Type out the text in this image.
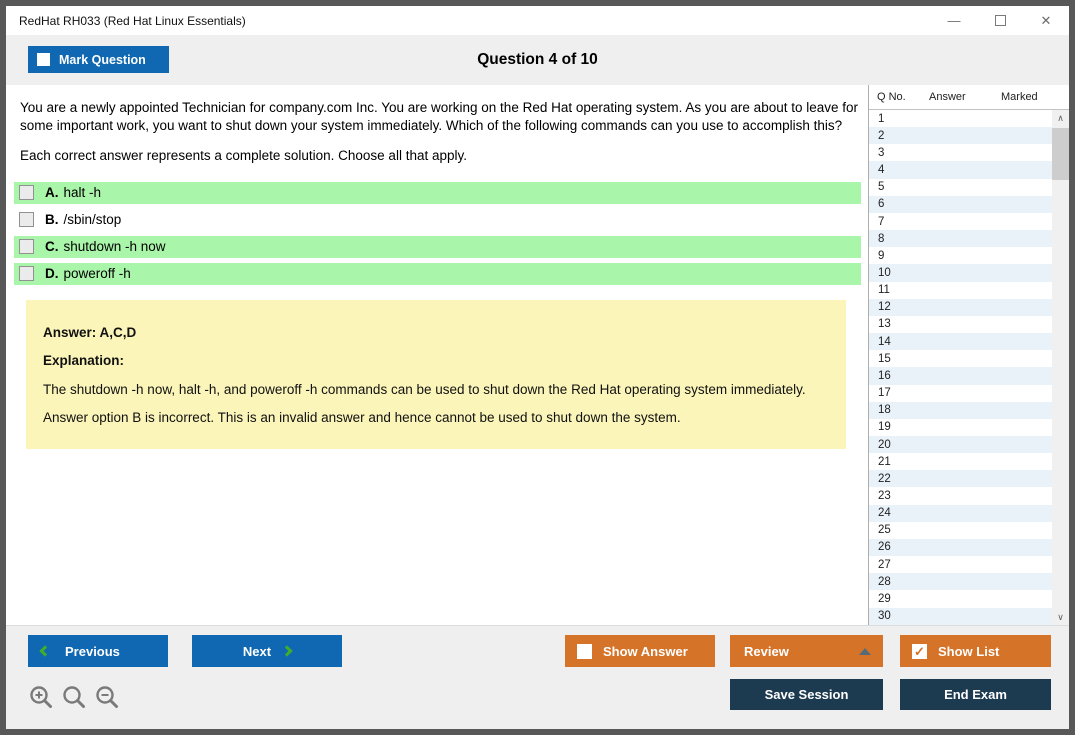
RedHat RH033 (Red Hat Linux Essentials)	—	✕
Question 4 of 10
Mark Question
You are a newly appointed Technician for company.com Inc. You are working on the Red Hat operating system. As you are about to leave for some important work, you want to shut down your system immediately. Which of the following commands can you use to accomplish this?
Each correct answer represents a complete solution. Choose all that apply.
A. halt -h
B. /sbin/stop
C. shutdown -h now
D. poweroff -h

Answer: A,C,D

Explanation:

The shutdown -h now, halt -h, and poweroff -h commands can be used to shut down the Red Hat operating system immediately.

Answer option B is incorrect. This is an invalid answer and hence cannot be used to shut down the system.

Q No.	Answer	Marked
1
2
3
4
5
6
7
8
9
10
11
12
13
14
15
16
17
18
19
20
21
22
23
24
25
26
27
28
29
30
∧
∨
Previous	Next	Show Answer	Review	✓ Show List
Save Session	End Exam
